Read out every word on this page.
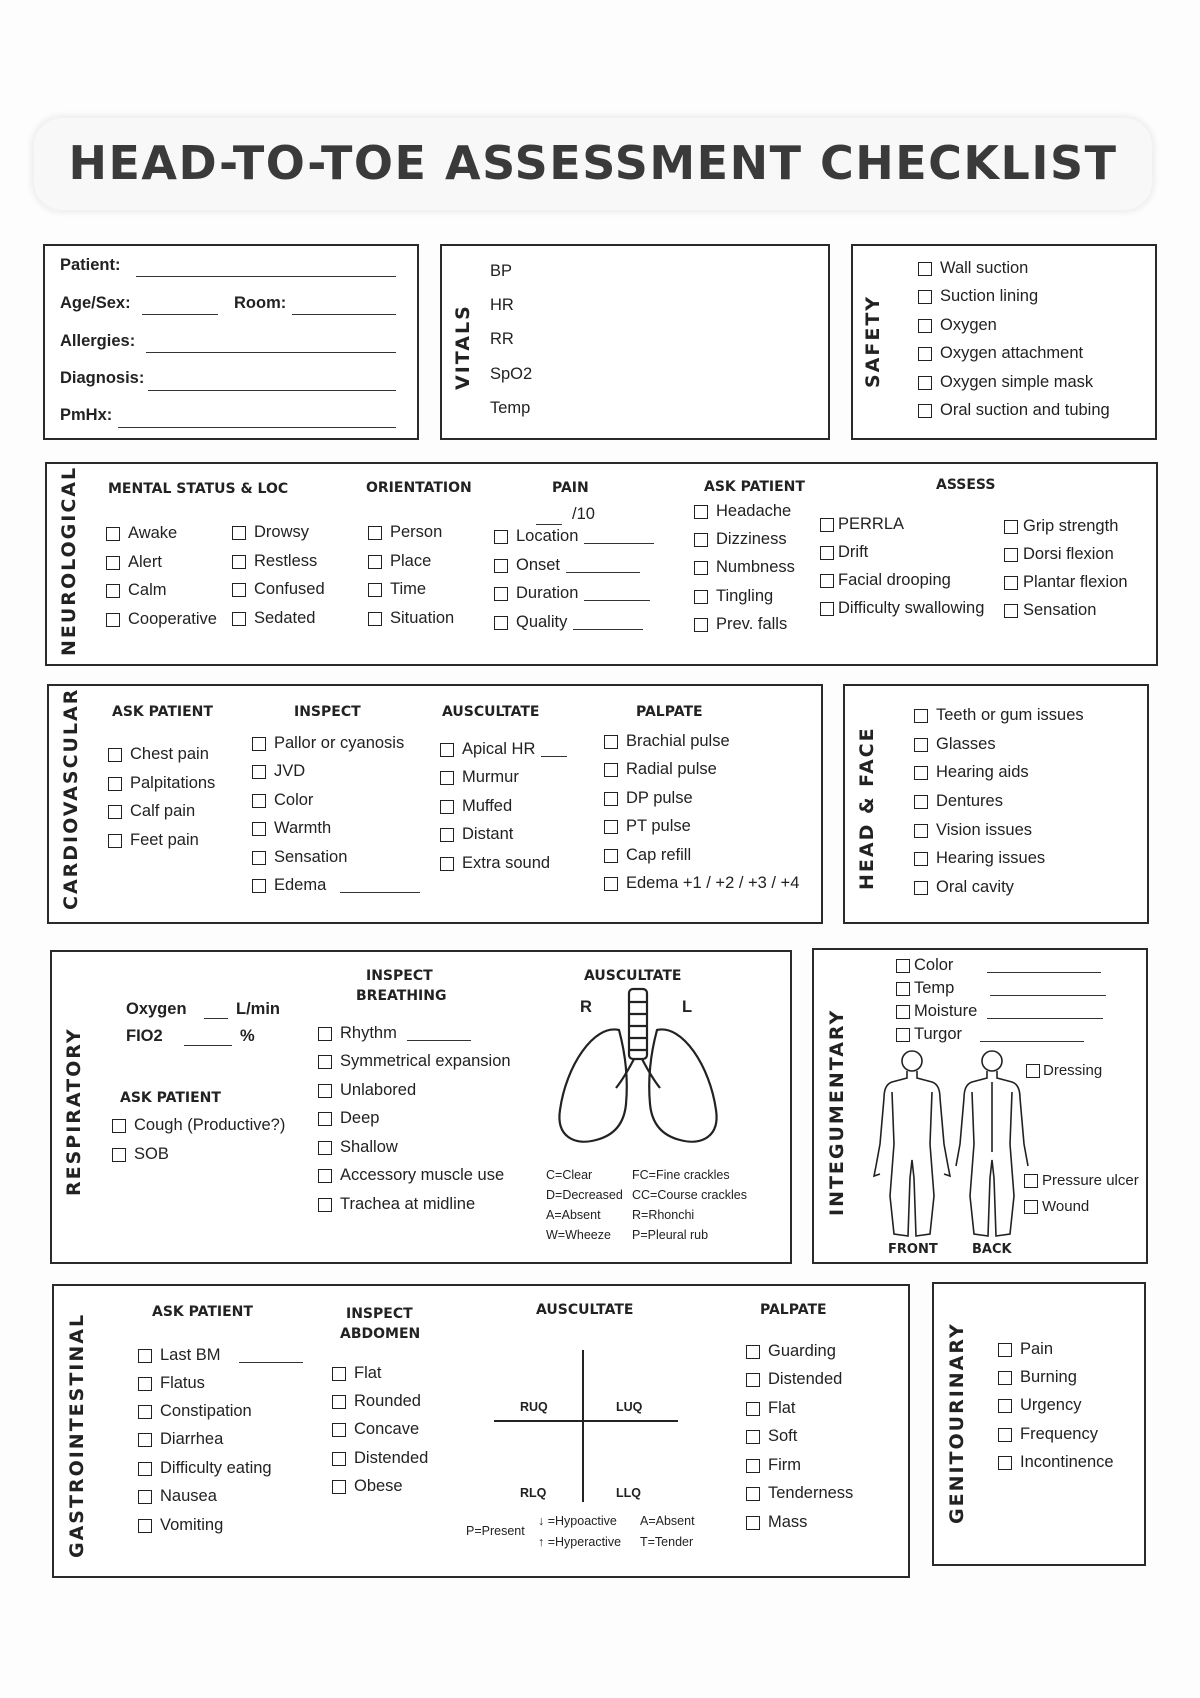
HEAD-TO-TOE ASSESSMENT CHECKLIST
Patient:
Age/Sex:	Room:
Allergies:
Diagnosis:
PmHx:
VITALS
BP
HR
RR
SpO2
Temp
SAFETY
Wall suction
Suction lining
Oxygen
Oxygen attachment
Oxygen simple mask
Oral suction and tubing
NEUROLOGICAL MENTAL STATUS & LOC	ORIENTATION	PAIN	ASK PATIENT	ASSESS
Awake
Alert
Calm
Cooperative
Drowsy
Restless
Confused
Sedated
Person
Place
Time
Situation
/10
Location
Onset
Duration
Quality
Headache
Dizziness
Numbness
Tingling
Prev. falls
PERRLA
Drift
Facial drooping
Difficulty swallowing
Grip strength
Dorsi flexion
Plantar flexion
Sensation
CARDIOVASCULAR ASK PATIENT	INSPECT	AUSCULTATE	PALPATE
Chest pain
Palpitations
Calf pain
Feet pain
Pallor or cyanosis
JVD
Color
Warmth
Sensation
Edema
Apical HR
Murmur
Muffed
Distant
Extra sound
Brachial pulse
Radial pulse
DP pulse
PT pulse
Cap refill
Edema +1 / +2 / +3 / +4	HEAD & FACE
Teeth or gum issues
Glasses
Hearing aids
Dentures
Vision issues
Hearing issues
Oral cavity
RESPIRATORY
Oxygen	L/min
FIO2	%
ASK PATIENT
Cough (Productive?)
SOB
INSPECT
BREATHING
Rhythm
Symmetrical expansion
Unlabored
Deep
Shallow
Accessory muscle use
Trachea at midline
AUSCULTATE
R	L
C=Clear	FC=Fine crackles
D=Decreased CC=Course crackles
A=Absent	R=Rhonchi
W=Wheeze P=Pleural rub
INTEGUMENTARY
Color
Temp
Moisture
Turgor
Dressing
Pressure ulcer
Wound
FRONT	BACK
GASTROINTESTINAL
ASK PATIENT
Last BM
Flatus
Constipation
Diarrhea
Difficulty eating
Nausea
Vomiting
INSPECT
ABDOMEN
Flat
Rounded
Concave
Distended
Obese
AUSCULTATE
RUQ	LUQ
RLQ	LLQ
P=Present
↓ =Hypoactive
↑ =Hyperactive
A=Absent
T=Tender
PALPATE
Guarding
Distended
Flat
Soft
Firm
Tenderness
Mass	GENITOURINARY	Pain
Burning
Urgency
Frequency
Incontinence
